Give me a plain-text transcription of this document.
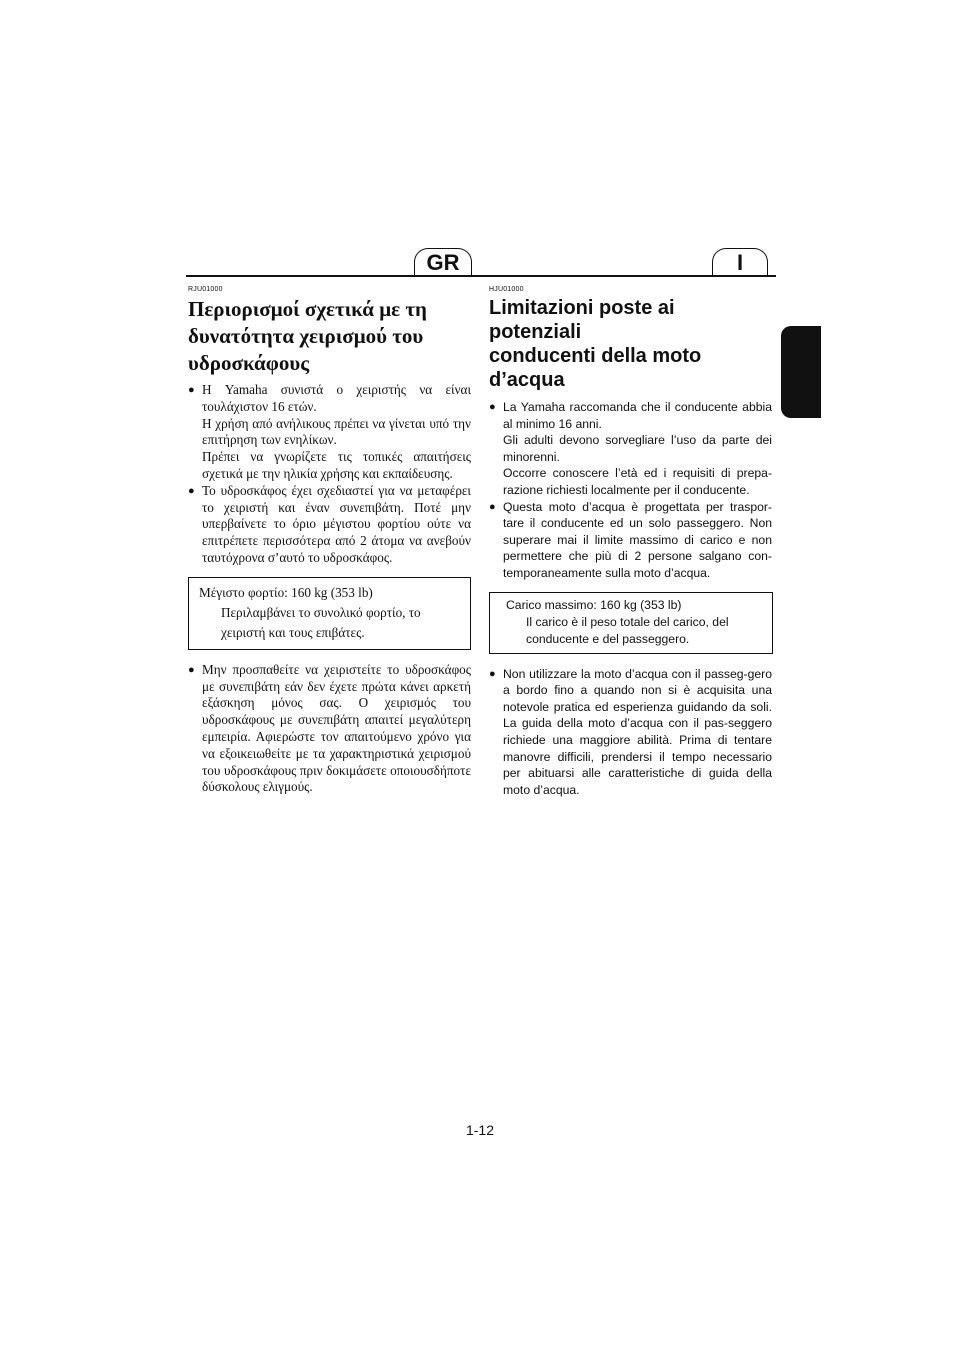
GR	I
RJU01000
Περιορισμοί σχετικά με τη
δυνατότητα χειρισμού του
υδροσκάφους
● Η Yamaha συνιστά ο χειριστής να είναι τουλάχιστον 16 ετών.

Η χρήση από ανήλικους πρέπει να γίνεται υπό την επιτήρηση των ενηλίκων.

Πρέπει να γνωρίζετε τις τοπικές απαιτήσεις σχετικά με την ηλικία χρήσης και εκπαίδευσης.

● Το υδροσκάφος έχει σχεδιαστεί για να μεταφέρει το χειριστή και έναν συνεπιβάτη. Ποτέ μην υπερβαίνετε το όριο μέγιστου φορτίου ούτε να επιτρέπετε περισσότερα από 2 άτομα να ανεβούν ταυτόχρονα σ’αυτό το υδροσκάφος.

Μέγιστο φορτίο: 160 kg (353 lb)
Περιλαμβάνει το συνολικό φορτίο, το χειριστή και τους επιβάτες.
● Μην προσπαθείτε να χειριστείτε το υδροσκάφος με συνεπιβάτη εάν δεν έχετε πρώτα κάνει αρκετή εξάσκηση μόνος σας. Ο χειρισμός του υδροσκάφους με συνεπιβάτη απαιτεί μεγαλύτερη εμπειρία. Αφιερώστε τον απαιτούμενο χρόνο για να εξοικειωθείτε με τα χαρακτηριστικά χειρισμού του υδροσκάφους πριν δοκιμάσετε οποιουσδήποτε δύσκολους ελιγμούς.

HJU01000
Limitazioni poste ai potenziali
conducenti della moto d’acqua
● La Yamaha raccomanda che il conducente abbia al minimo 16 anni.

Gli adulti devono sorvegliare l’uso da parte dei minorenni.

Occorre conoscere l’età ed i requisiti di prepa-razione richiesti localmente per il conducente.

● Questa moto d’acqua è progettata per traspor-tare il conducente ed un solo passeggero. Non superare mai il limite massimo di carico e non permettere che più di 2 persone salgano con-temporaneamente sulla moto d’acqua.

Carico massimo: 160 kg (353 lb)
Il carico è il peso totale del carico, del conducente e del passeggero.
● Non utilizzare la moto d’acqua con il passeg-gero a bordo fino a quando non si è acquisita una notevole pratica ed esperienza guidando da soli. La guida della moto d’acqua con il pas-seggero richiede una maggiore abilità. Prima di tentare manovre difficili, prendersi il tempo necessario per abituarsi alle caratteristiche di guida della moto d’acqua.

1-12
